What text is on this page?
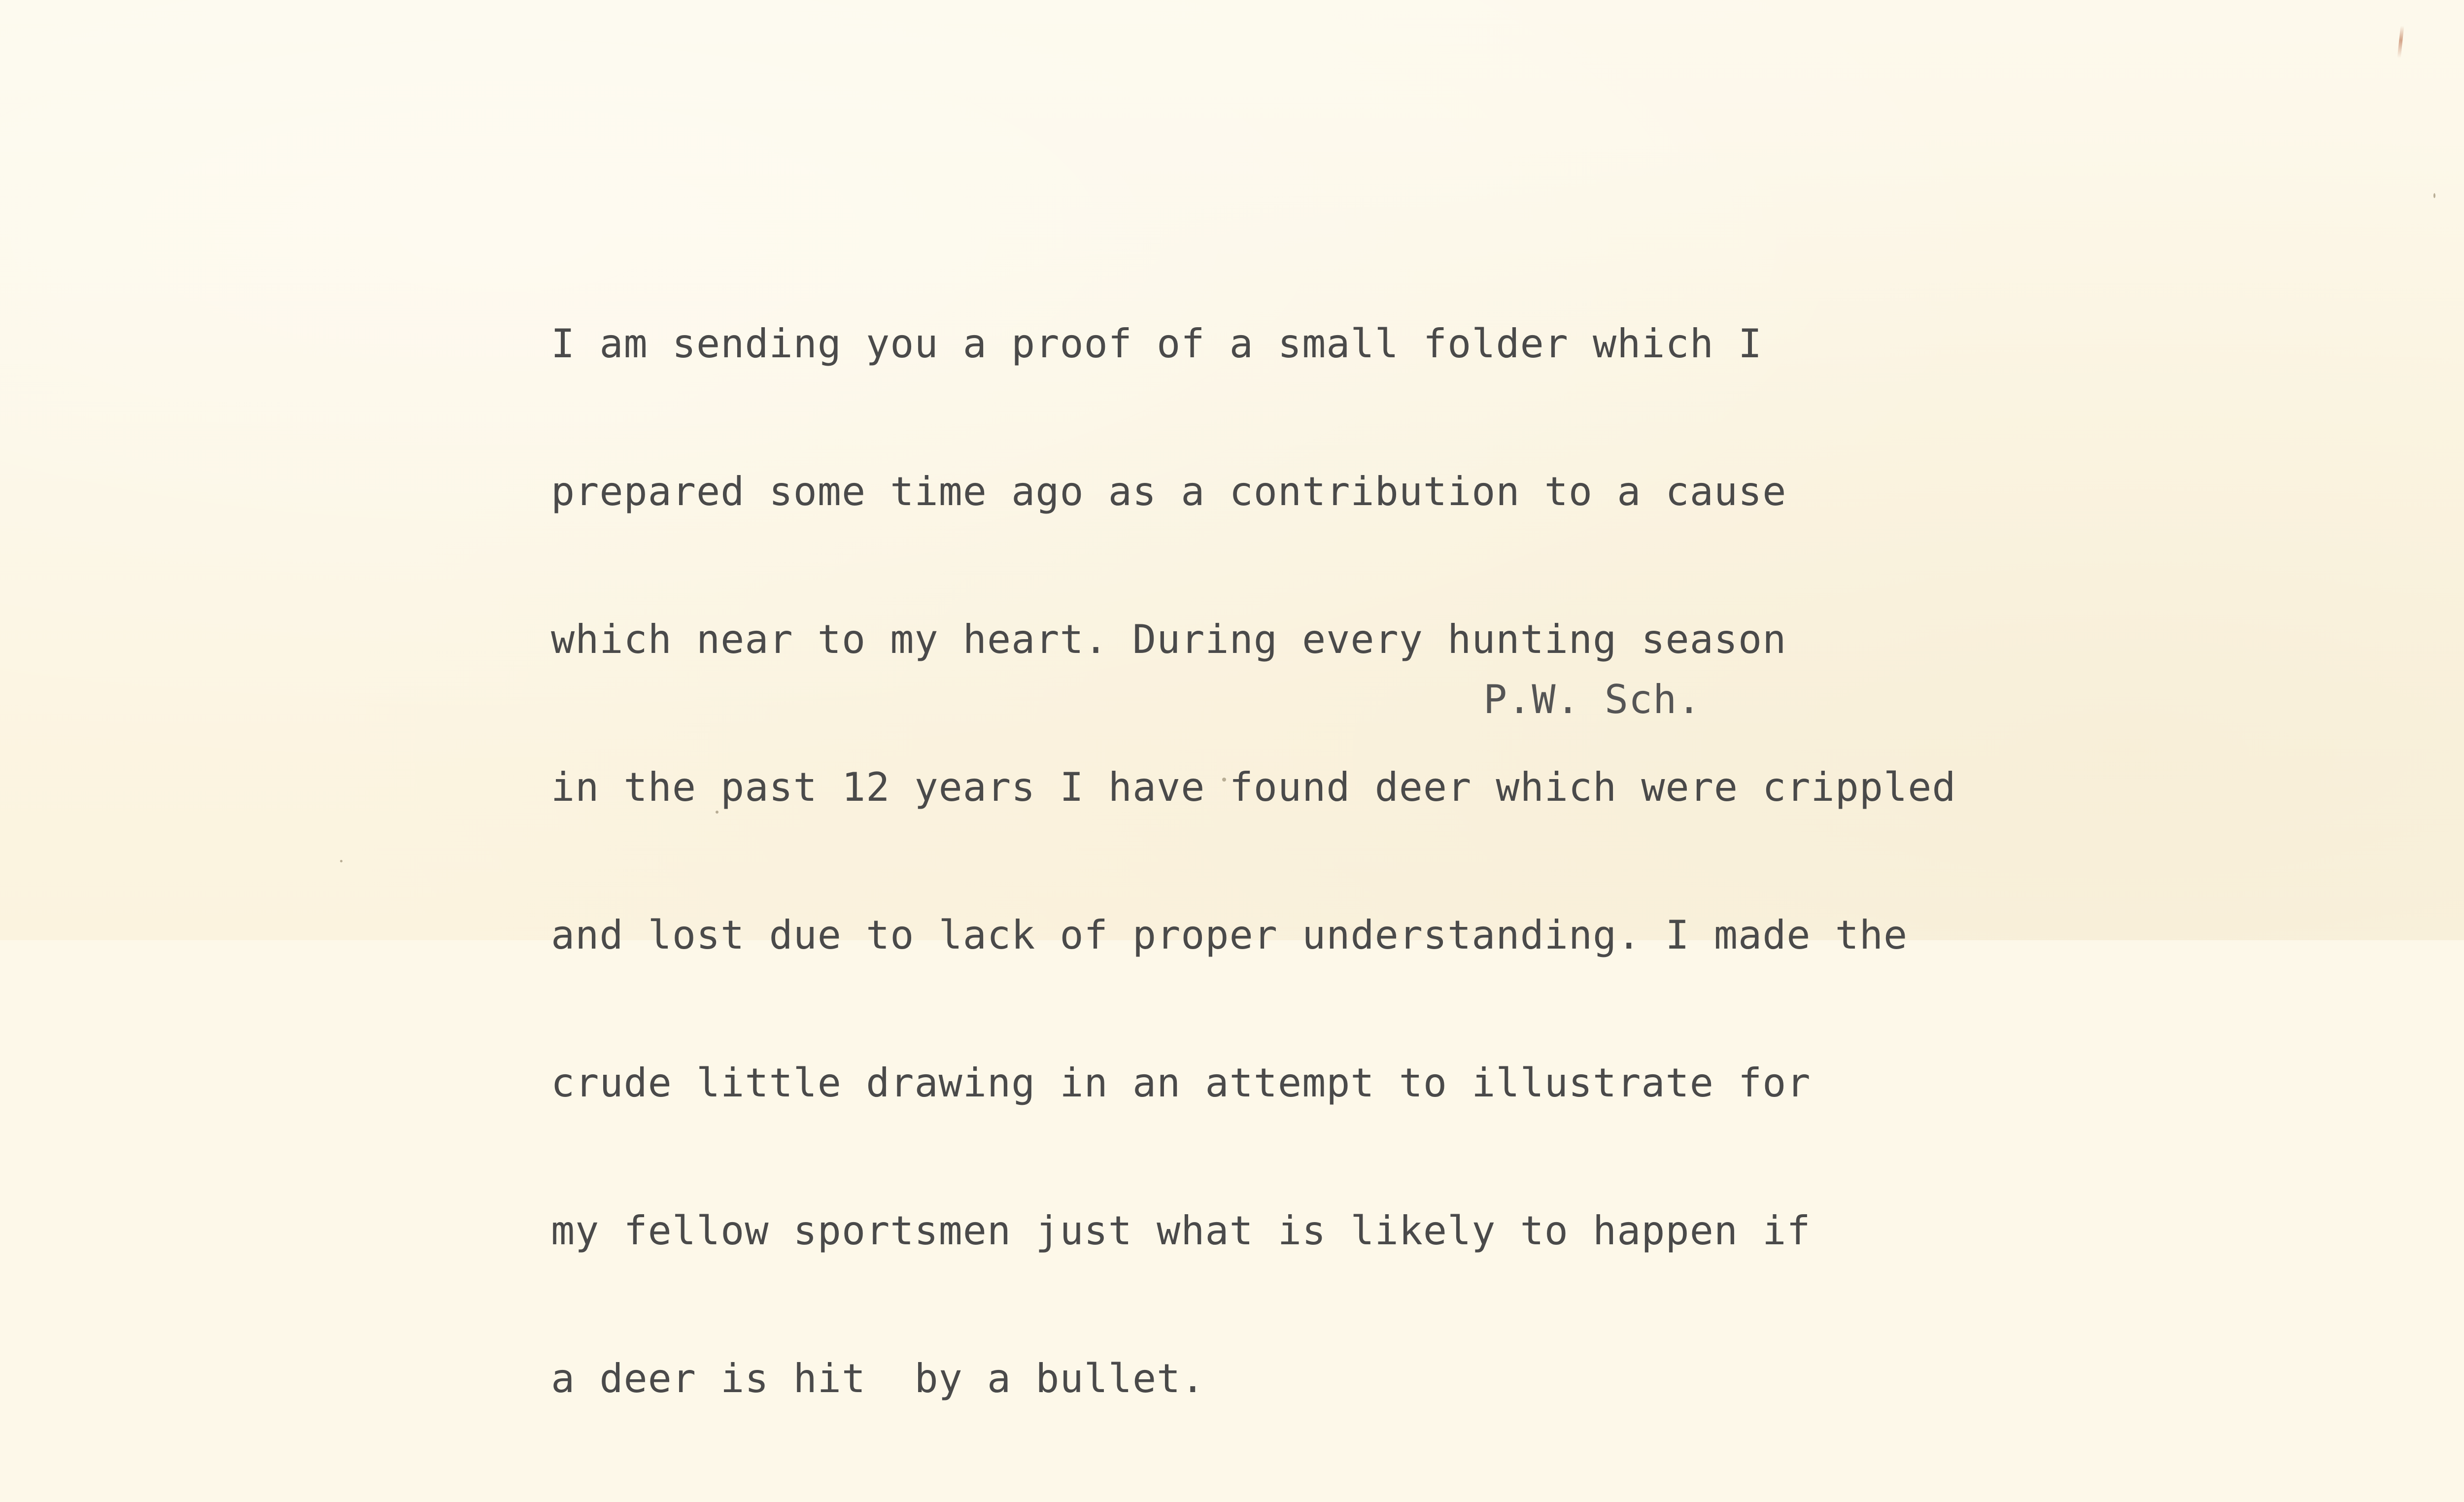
I am sending you a proof of a small folder which I

prepared some time ago as a contribution to a cause

which near to my heart. During every hunting season

in the past 12 years I have found deer which were crippled

and lost due to lack of proper understanding. I made the

crude little drawing in an attempt to illustrate for

my fellow sportsmen just what is likely to happen if

a deer is hit  by a bullet.

P.W. Sch.
